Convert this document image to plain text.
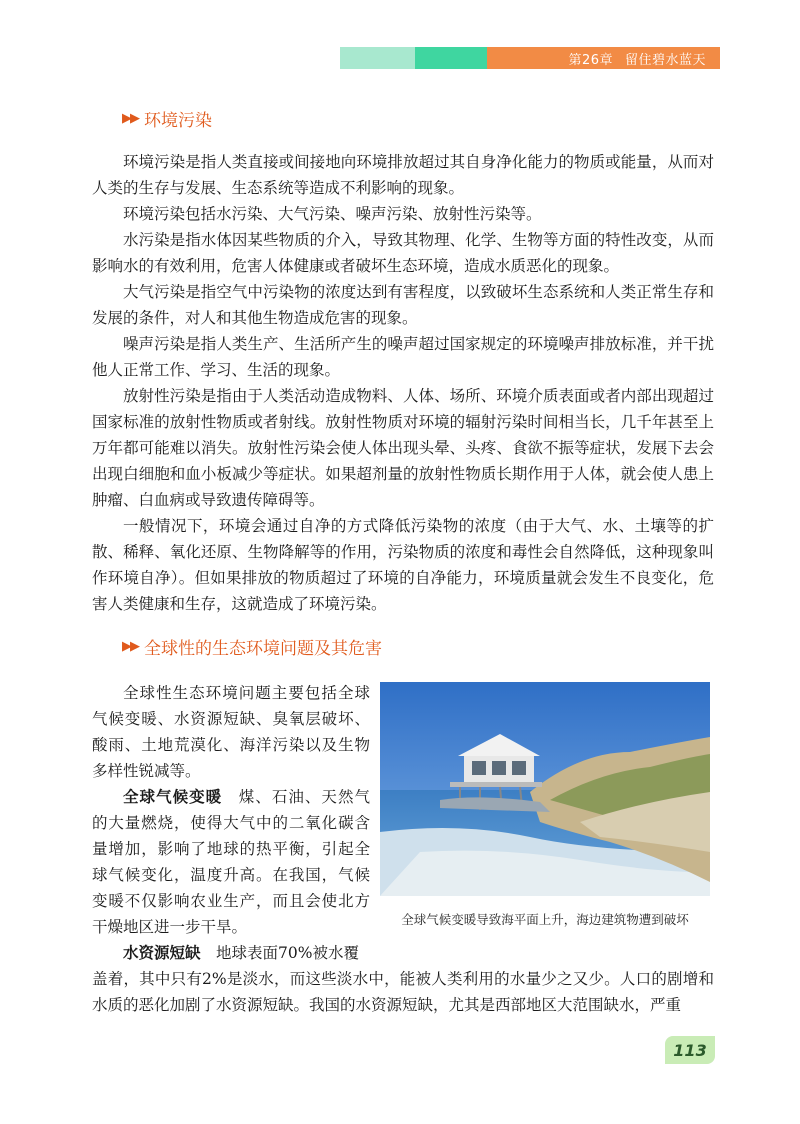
第26章 留住碧水蓝天
▶▶ 环境污染

环境污染是指人类直接或间接地向环境排放超过其自身净化能力的物质或能量，从而对人类的生存与发展、生态系统等造成不利影响的现象。

环境污染包括水污染、大气污染、噪声污染、放射性污染等。

水污染是指水体因某些物质的介入，导致其物理、化学、生物等方面的特性改变，从而影响水的有效利用，危害人体健康或者破坏生态环境，造成水质恶化的现象。

大气污染是指空气中污染物的浓度达到有害程度，以致破坏生态系统和人类正常生存和发展的条件，对人和其他生物造成危害的现象。

噪声污染是指人类生产、生活所产生的噪声超过国家规定的环境噪声排放标准，并干扰他人正常工作、学习、生活的现象。

放射性污染是指由于人类活动造成物料、人体、场所、环境介质表面或者内部出现超过国家标准的放射性物质或者射线。放射性物质对环境的辐射污染时间相当长，几千年甚至上万年都可能难以消失。放射性污染会使人体出现头晕、头疼、食欲不振等症状，发展下去会出现白细胞和血小板减少等症状。如果超剂量的放射性物质长期作用于人体，就会使人患上肿瘤、白血病或导致遗传障碍等。

一般情况下，环境会通过自净的方式降低污染物的浓度（由于大气、水、土壤等的扩散、稀释、氧化还原、生物降解等的作用，污染物质的浓度和毒性会自然降低，这种现象叫作环境自净）。但如果排放的物质超过了环境的自净能力，环境质量就会发生不良变化，危害人类健康和生存，这就造成了环境污染。

▶▶ 全球性的生态环境问题及其危害

全球性生态环境问题主要包括全球气候变暖、水资源短缺、臭氧层破坏、酸雨、土地荒漠化、海洋污染以及生物多样性锐减等。

全球气候变暖　 煤、石油、天然气的大量燃烧，使得大气中的二氧化碳含量增加，影响了地球的热平衡，引起全球气候变化，温度升高。在我国，气候变暖不仅影响农业生产，而且会使北方干燥地区进一步干旱。

水资源短缺　 地球表面70%被水覆

盖着，其中只有2%是淡水，而这些淡水中，能被人类利用的水量少之又少。人口的剧增和水质的恶化加剧了水资源短缺。我国的水资源短缺，尤其是西部地区大范围缺水，严重

全球气候变暖导致海平面上升，海边建筑物遭到破坏
113
